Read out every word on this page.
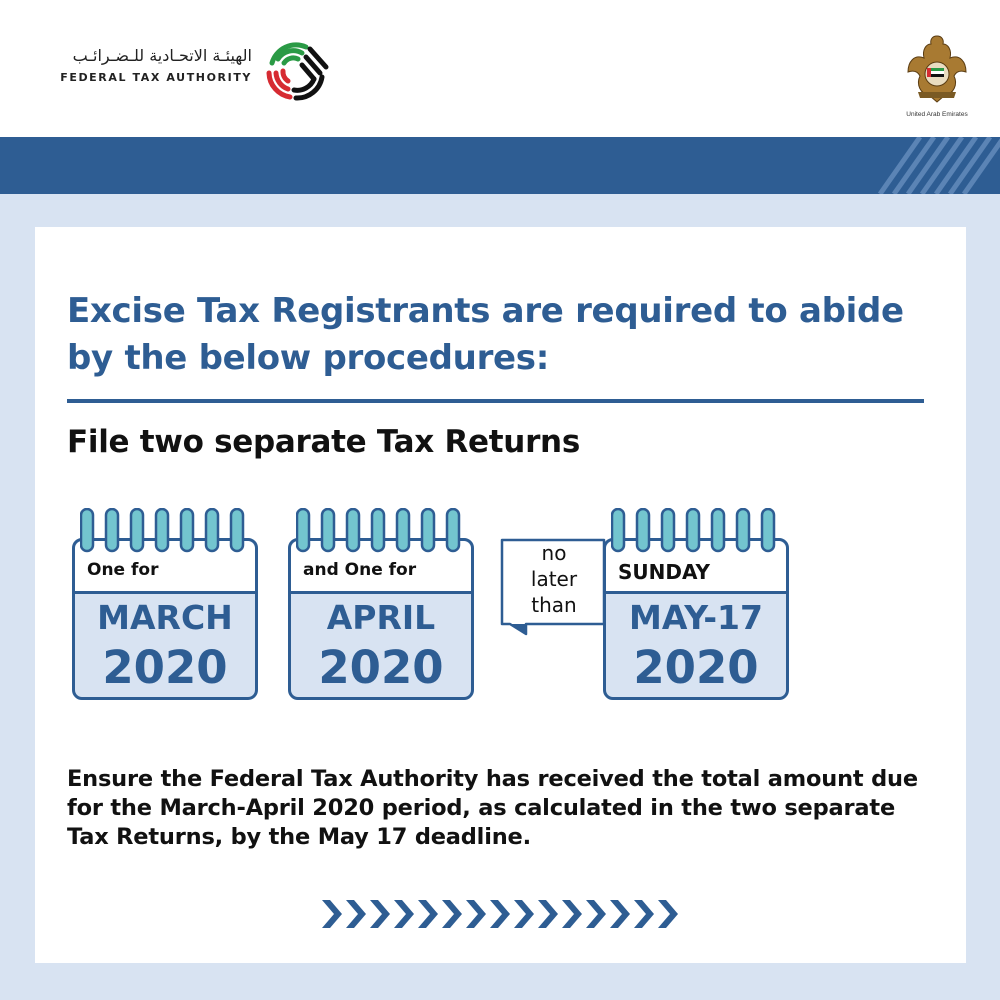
الهيئـة الاتحـادية للـضـرائـب
FEDERAL TAX AUTHORITY
United Arab Emirates
Excise Tax Registrants are required to abide by the below procedures:
File two separate Tax Returns
One for
MARCH
2020
and One for
APRIL
2020
no
later
than
SUNDAY
MAY-17
2020

Ensure the Federal Tax Authority has received the total amount due for the March-April 2020 period, as calculated in the two separate Tax Returns, by the May 17 deadline.
